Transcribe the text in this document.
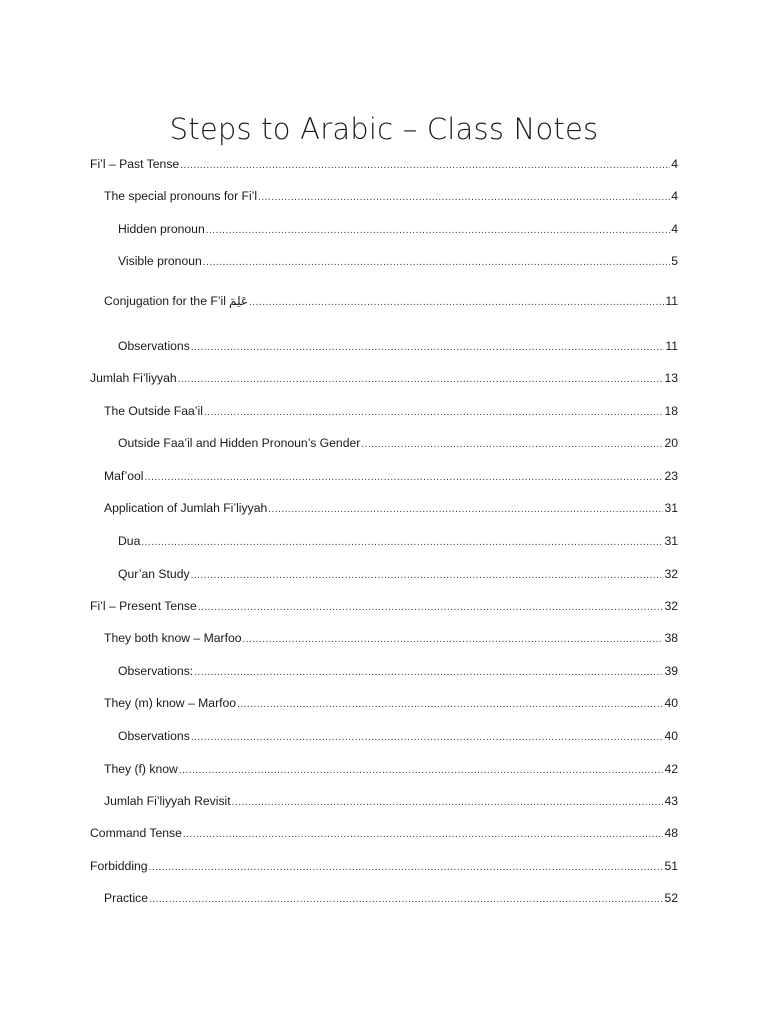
Steps to Arabic – Class Notes
Fi’l – Past Tense .....	4
The special pronouns for Fi’l .....	4
Hidden pronoun .....	4
Visible pronoun .....	5
Conjugation for the F’il عَلِمَ .....	11
Observations .....	11
Jumlah Fi’liyyah .....	13
The Outside Faa’il .....	18
Outside Faa’il and Hidden Pronoun’s Gender .....	20
Maf’ool .....	23
Application of Jumlah Fi’liyyah .....	31
Dua .....	31
Qur’an Study .....	32
Fi’l – Present Tense .....	32
They both know – Marfoo .....	38
Observations: .....	39
They (m) know – Marfoo .....	40
Observations .....	40
They (f) know .....	42
Jumlah Fi’liyyah Revisit .....	43
Command Tense .....	48
Forbidding .....	51
Practice .....	52
